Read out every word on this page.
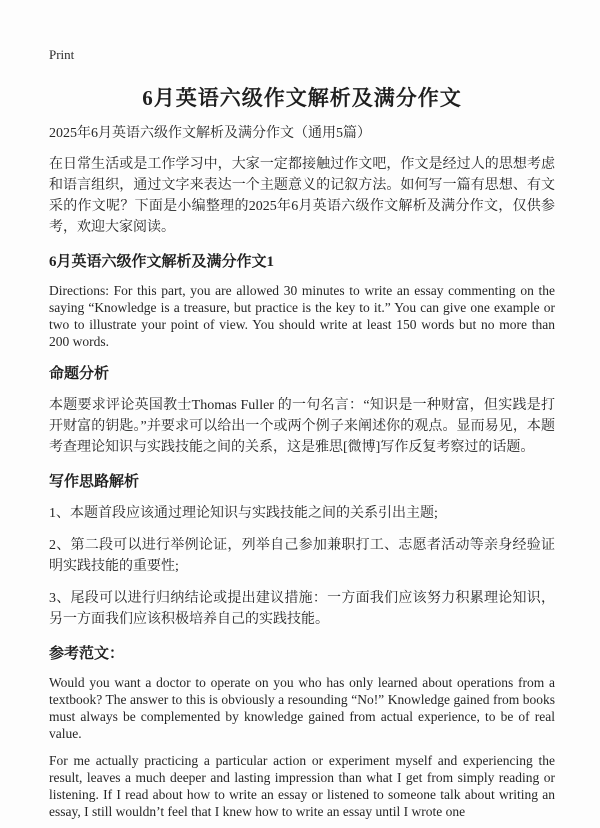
Print
6月英语六级作文解析及满分作文

2025年6月英语六级作文解析及满分作文（通用5篇）

在日常生活或是工作学习中，大家一定都接触过作文吧，作文是经过人的思想考虑和语言组织，通过文字来表达一个主题意义的记叙方法。如何写一篇有思想、有文采的作文呢？下面是小编整理的2025年6月英语六级作文解析及满分作文，仅供参考，欢迎大家阅读。

6月英语六级作文解析及满分作文1

Directions: For this part, you are allowed 30 minutes to write an essay commenting on the saying “Knowledge is a treasure, but practice is the key to it.” You can give one example or two to illustrate your point of view. You should write at least 150 words but no more than 200 words.

命题分析

本题要求评论英国教士Thomas Fuller 的一句名言：“知识是一种财富，但实践是打开财富的钥匙。”并要求可以给出一个或两个例子来阐述你的观点。显而易见，本题考查理论知识与实践技能之间的关系，这是雅思[微博]写作反复考察过的话题。

写作思路解析

1、本题首段应该通过理论知识与实践技能之间的关系引出主题;

2、第二段可以进行举例论证，列举自己参加兼职打工、志愿者活动等亲身经验证明实践技能的重要性;

3、尾段可以进行归纳结论或提出建议措施：一方面我们应该努力积累理论知识，另一方面我们应该积极培养自己的实践技能。

参考范文：

Would you want a doctor to operate on you who has only learned about operations from a textbook? The answer to this is obviously a resounding “No!” Knowledge gained from books must always be complemented by knowledge gained from actual experience, to be of real value.

For me actually practicing a particular action or experiment myself and experiencing the result, leaves a much deeper and lasting impression than what I get from simply reading or listening. If I read about how to write an essay or listened to someone talk about writing an essay, I still wouldn’t feel that I knew how to write an essay until I wrote one
